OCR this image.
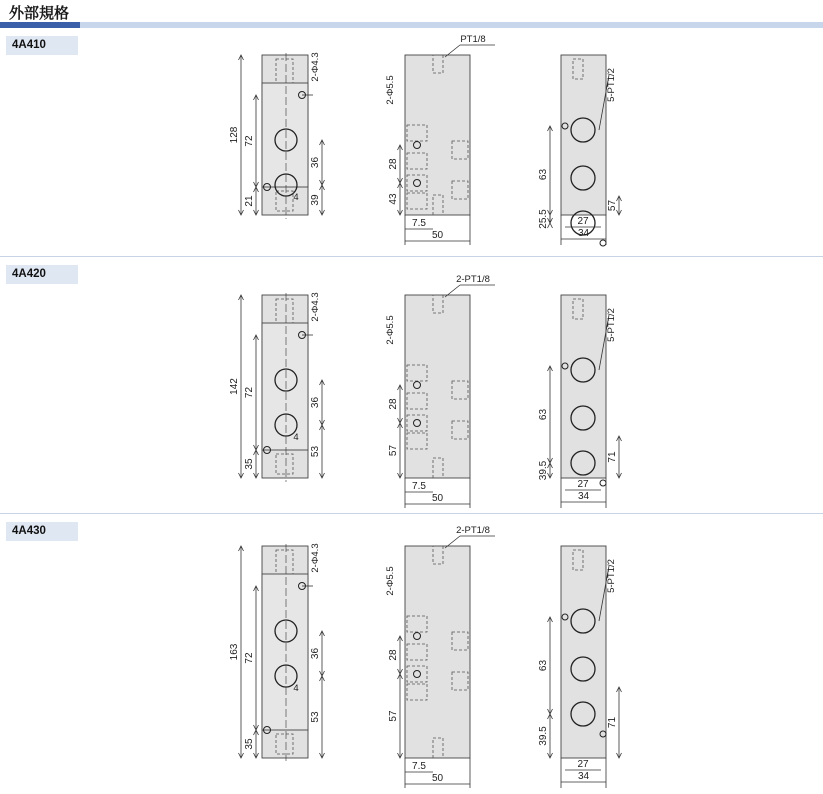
外部規格
4A410
4A420
4A430
128 72
21
36
39
2-Φ4.3
4
PT1/8
2-Φ5.5
28
43
7.5
50
5-PT1/2
63
25.5
57
27
34
142 72
35
36
53
2-Φ4.3
4
2-PT1/8
2-Φ5.5
28
57
7.5
50
5-PT1/2
63
39.5
71
27
34
163 72
35
36
53
2-Φ4.3
4
2-PT1/8
2-Φ5.5
28
57
7.5
50
5-PT1/2
63
39.5
71
27
34
